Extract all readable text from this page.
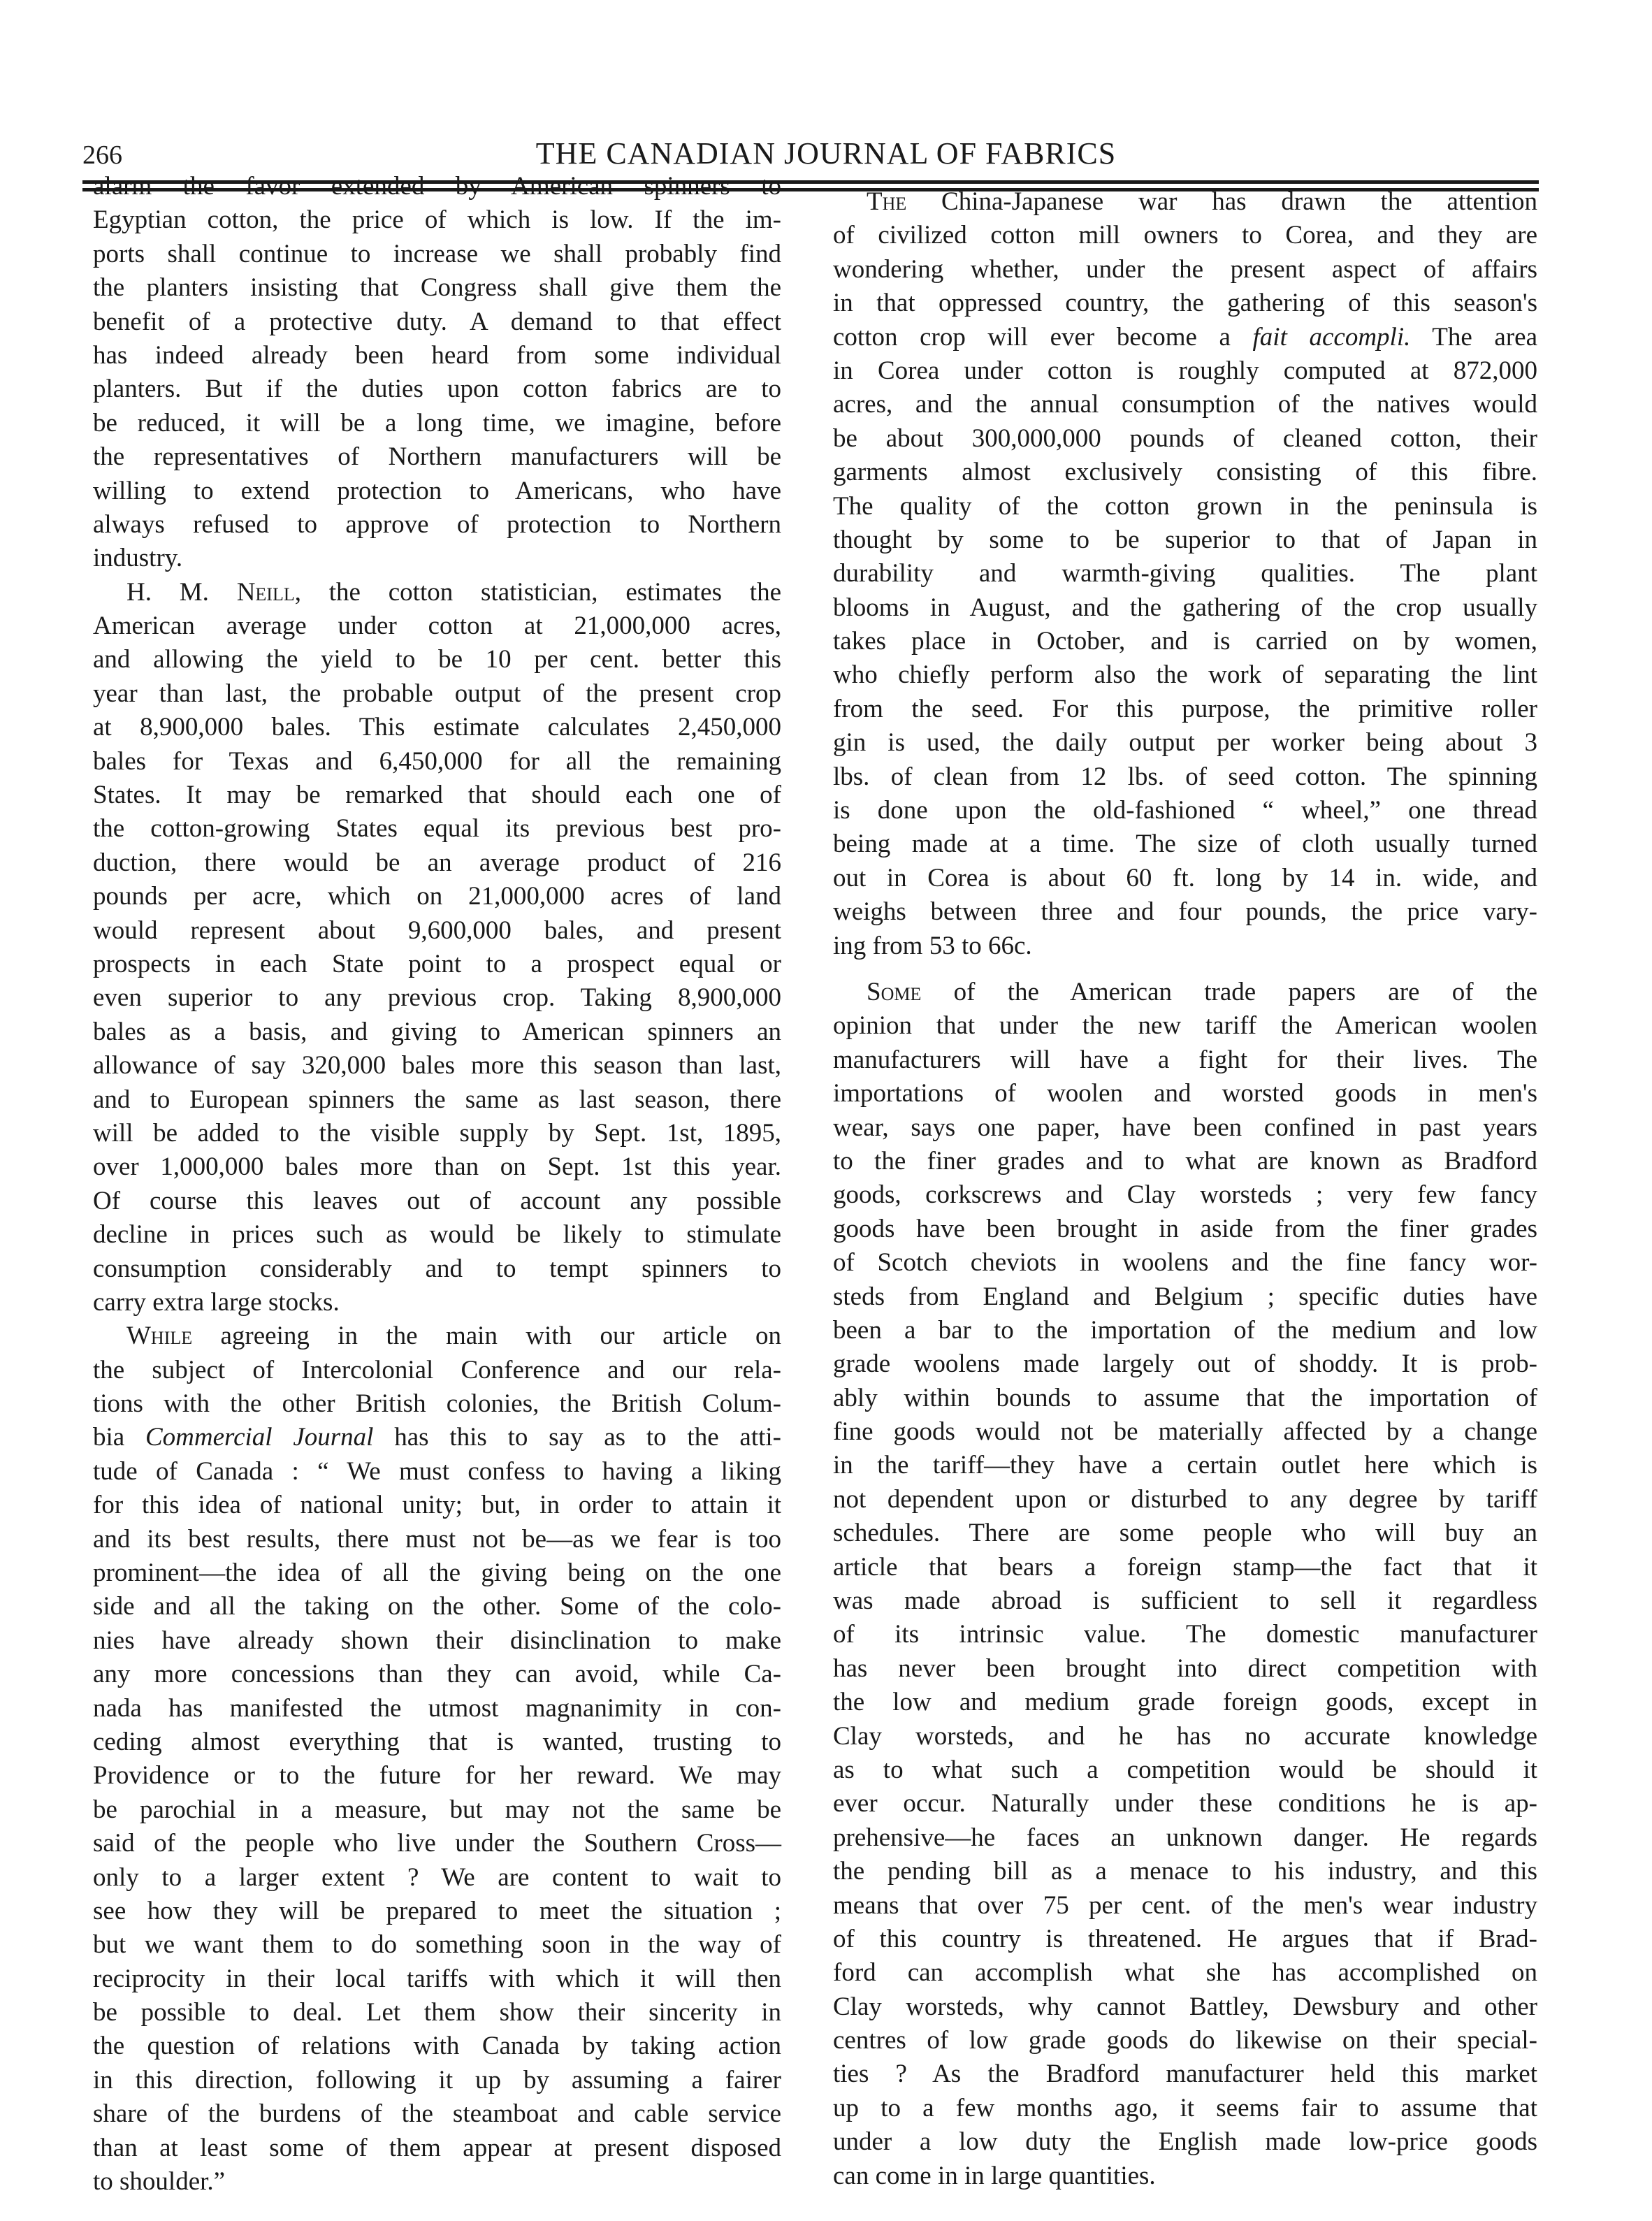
266	THE CANADIAN JOURNAL OF FABRICS
alarm the favor extended by American spinners to
Egyptian cotton, the price of which is low. If the im-
ports shall continue to increase we shall probably find
the planters insisting that Congress shall give them the
benefit of a protective duty. A demand to that effect
has indeed already been heard from some individual
planters. But if the duties upon cotton fabrics are to
be reduced, it will be a long time, we imagine, before
the representatives of Northern manufacturers will be
willing to extend protection to Americans, who have
always refused to approve of protection to Northern
industry.
H. M. Neill, the cotton statistician, estimates the
American average under cotton at 21,000,000 acres,
and allowing the yield to be 10 per cent. better this
year than last, the probable output of the present crop
at 8,900,000 bales. This estimate calculates 2,450,000
bales for Texas and 6,450,000 for all the remaining
States. It may be remarked that should each one of
the cotton-growing States equal its previous best pro-
duction, there would be an average product of 216
pounds per acre, which on 21,000,000 acres of land
would represent about 9,600,000 bales, and present
prospects in each State point to a prospect equal or
even superior to any previous crop. Taking 8,900,000
bales as a basis, and giving to American spinners an
allowance of say 320,000 bales more this season than last,
and to European spinners the same as last season, there
will be added to the visible supply by Sept. 1st, 1895,
over 1,000,000 bales more than on Sept. 1st this year.
Of course this leaves out of account any possible
decline in prices such as would be likely to stimulate
consumption considerably and to tempt spinners to
carry extra large stocks.
While agreeing in the main with our article on
the subject of Intercolonial Conference and our rela-
tions with the other British colonies, the British Colum-
bia Commercial Journal has this to say as to the atti-
tude of Canada : “ We must confess to having a liking
for this idea of national unity; but, in order to attain it
and its best results, there must not be—as we fear is too
prominent—the idea of all the giving being on the one
side and all the taking on the other. Some of the colo-
nies have already shown their disinclination to make
any more concessions than they can avoid, while Ca-
nada has manifested the utmost magnanimity in con-
ceding almost everything that is wanted, trusting to
Providence or to the future for her reward. We may
be parochial in a measure, but may not the same be
said of the people who live under the Southern Cross—
only to a larger extent ? We are content to wait to
see how they will be prepared to meet the situation ;
but we want them to do something soon in the way of
reciprocity in their local tariffs with which it will then
be possible to deal. Let them show their sincerity in
the question of relations with Canada by taking action
in this direction, following it up by assuming a fairer
share of the burdens of the steamboat and cable service
than at least some of them appear at present disposed
to shoulder.”
The China-Japanese war has drawn the attention
of civilized cotton mill owners to Corea, and they are
wondering whether, under the present aspect of affairs
in that oppressed country, the gathering of this season's
cotton crop will ever become a fait accompli. The area
in Corea under cotton is roughly computed at 872,000
acres, and the annual consumption of the natives would
be about 300,000,000 pounds of cleaned cotton, their
garments almost exclusively consisting of this fibre.
The quality of the cotton grown in the peninsula is
thought by some to be superior to that of Japan in
durability and warmth-giving qualities. The plant
blooms in August, and the gathering of the crop usually
takes place in October, and is carried on by women,
who chiefly perform also the work of separating the lint
from the seed. For this purpose, the primitive roller
gin is used, the daily output per worker being about 3
lbs. of clean from 12 lbs. of seed cotton. The spinning
is done upon the old-fashioned “ wheel,” one thread
being made at a time. The size of cloth usually turned
out in Corea is about 60 ft. long by 14 in. wide, and
weighs between three and four pounds, the price vary-
ing from 53 to 66c.
Some of the American trade papers are of the
opinion that under the new tariff the American woolen
manufacturers will have a fight for their lives. The
importations of woolen and worsted goods in men's
wear, says one paper, have been confined in past years
to the finer grades and to what are known as Bradford
goods, corkscrews and Clay worsteds ; very few fancy
goods have been brought in aside from the finer grades
of Scotch cheviots in woolens and the fine fancy wor-
steds from England and Belgium ; specific duties have
been a bar to the importation of the medium and low
grade woolens made largely out of shoddy. It is prob-
ably within bounds to assume that the importation of
fine goods would not be materially affected by a change
in the tariff—they have a certain outlet here which is
not dependent upon or disturbed to any degree by tariff
schedules. There are some people who will buy an
article that bears a foreign stamp—the fact that it
was made abroad is sufficient to sell it regardless
of its intrinsic value. The domestic manufacturer
has never been brought into direct competition with
the low and medium grade foreign goods, except in
Clay worsteds, and he has no accurate knowledge
as to what such a competition would be should it
ever occur. Naturally under these conditions he is ap-
prehensive—he faces an unknown danger. He regards
the pending bill as a menace to his industry, and this
means that over 75 per cent. of the men's wear industry
of this country is threatened. He argues that if Brad-
ford can accomplish what she has accomplished on
Clay worsteds, why cannot Battley, Dewsbury and other
centres of low grade goods do likewise on their special-
ties ? As the Bradford manufacturer held this market
up to a few months ago, it seems fair to assume that
under a low duty the English made low-price goods
can come in in large quantities.
